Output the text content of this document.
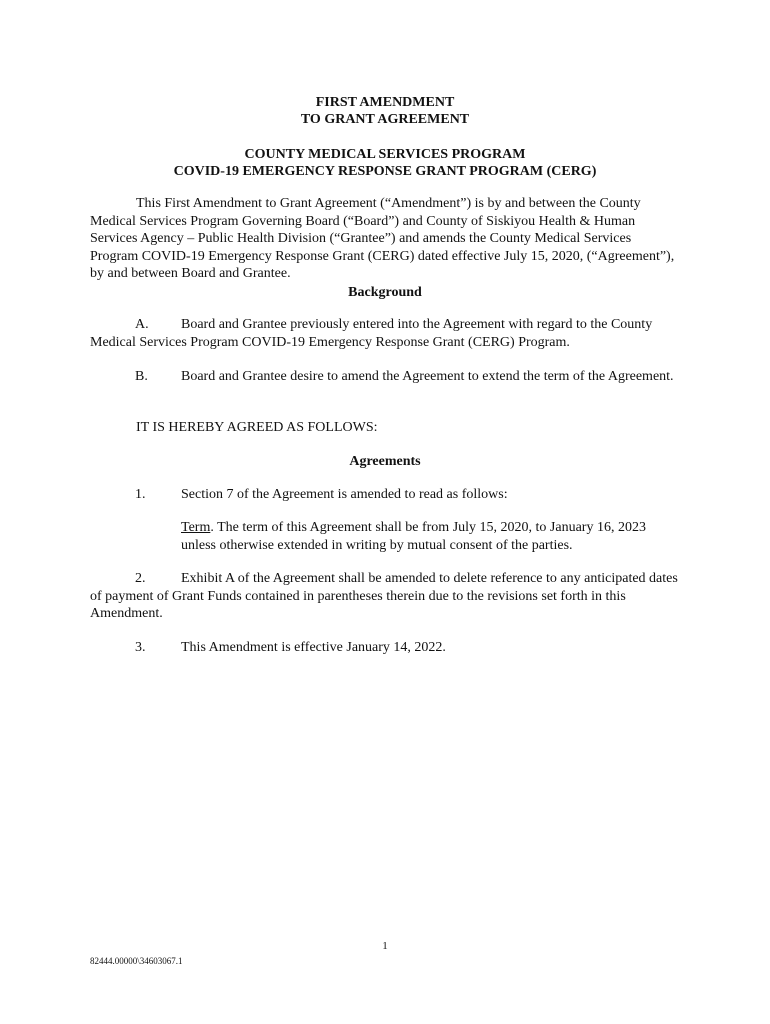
FIRST AMENDMENT
TO GRANT AGREEMENT
COUNTY MEDICAL SERVICES PROGRAM
COVID-19 EMERGENCY RESPONSE GRANT PROGRAM (CERG)
This First Amendment to Grant Agreement (“Amendment”) is by and between the County Medical Services Program Governing Board (“Board”) and County of Siskiyou Health & Human Services Agency – Public Health Division (“Grantee”) and amends the County Medical Services Program COVID-19 Emergency Response Grant (CERG) dated effective July 15, 2020, (“Agreement”), by and between Board and Grantee.
Background
A. Board and Grantee previously entered into the Agreement with regard to the County Medical Services Program COVID-19 Emergency Response Grant (CERG) Program.
B. Board and Grantee desire to amend the Agreement to extend the term of the Agreement.
IT IS HEREBY AGREED AS FOLLOWS:
Agreements
1.	Section 7 of the Agreement is amended to read as follows:
Term. The term of this Agreement shall be from July 15, 2020, to January 16, 2023 unless otherwise extended in writing by mutual consent of the parties.
2.	Exhibit A of the Agreement shall be amended to delete reference to any anticipated dates of payment of Grant Funds contained in parentheses therein due to the revisions set forth in this Amendment.
3.	This Amendment is effective January 14, 2022.
1
82444.00000\34603067.1
